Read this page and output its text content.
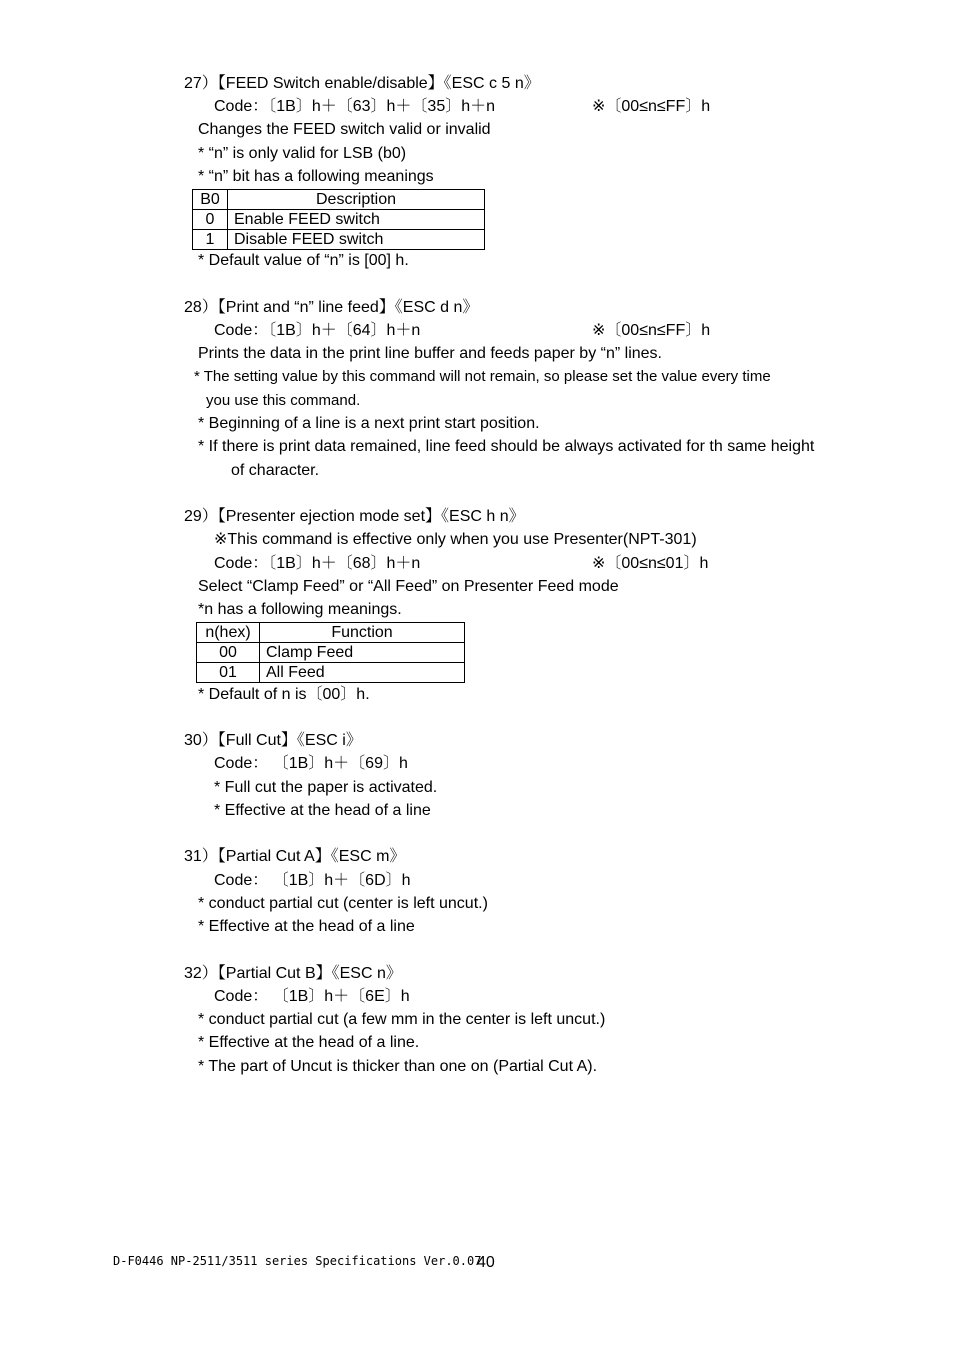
27）【FEED Switch enable/disable】《ESC c 5 n》
Code：〔1B〕h＋〔63〕h＋〔35〕h＋n	※〔00≤n≤FF〕h
Changes the FEED switch valid or invalid
* “n” is only valid for LSB (b0)
* “n” bit has a following meanings
B0	Description
0	Enable FEED switch
1	Disable FEED switch
* Default value of “n” is [00] h.
28）【Print and “n” line feed】《ESC d n》
Code：〔1B〕h＋〔64〕h＋n	※〔00≤n≤FF〕h
Prints the data in the print line buffer and feeds paper by “n” lines.
* The setting value by this command will not remain, so please set the value every time
you use this command.
* Beginning of a line is a next print start position.
* If there is print data remained, line feed should be always activated for th same height
of character.
29）【Presenter ejection mode set】《ESC h n》
※This command is effective only when you use Presenter(NPT-301)
Code：〔1B〕h＋〔68〕h＋n	※〔00≤n≤01〕h
Select “Clamp Feed” or “All Feed” on Presenter Feed mode
*n has a following meanings.
n(hex)	Function
00	Clamp Feed
01	All Feed
* Default of n is〔00〕h.
30）【Full Cut】《ESC i》
Code： 〔1B〕h＋〔69〕h
* Full cut the paper is activated.
* Effective at the head of a line
31）【Partial Cut A】《ESC m》
Code： 〔1B〕h＋〔6D〕h
* conduct partial cut (center is left uncut.)
* Effective at the head of a line
32）【Partial Cut B】《ESC n》
Code： 〔1B〕h＋〔6E〕h
* conduct partial cut (a few mm in the center is left uncut.)
* Effective at the head of a line.
* The part of Uncut is thicker than one on (Partial Cut A).
D-F0446 NP-2511/3511 series Specifications Ver.0.07
40
